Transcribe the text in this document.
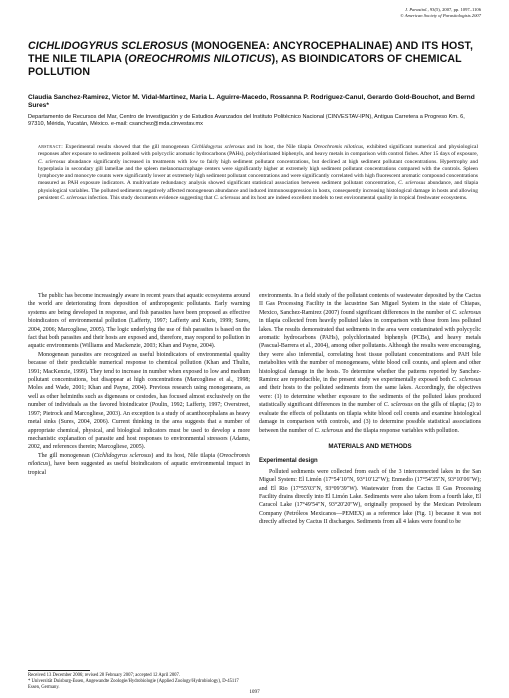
J. Parasitol., 93(5), 2007, pp. 1097–1106
© American Society of Parasitologists 2007
CICHLIDOGYRUS SCLEROSUS (MONOGENEA: ANCYROCEPHALINAE) AND ITS HOST, THE NILE TILAPIA (OREOCHROMIS NILOTICUS), AS BIOINDICATORS OF CHEMICAL POLLUTION
Claudia Sanchez-Ramirez, Victor M. Vidal-Martinez, Maria L. Aguirre-Macedo, Rossanna P. Rodriguez-Canul, Gerardo Gold-Bouchot, and Bernd Sures*
Departamento de Recursos del Mar, Centro de Investigación y de Estudios Avanzados del Instituto Politécnico Nacional (CINVESTAV-IPN), Antigua Carretera a Progreso Km. 6, 97310, Mérida, Yucatán, México. e-mail: csanchez@mda.cinvestav.mx
abstract: Experimental results showed that the gill monogenean Cichlidogyrus sclerosus and its host, the Nile tilapia Oreochromis niloticus, exhibited significant numerical and physiological responses after exposure to sediments polluted with polycyclic aromatic hydrocarbons (PAHs), polychlorinated biphenyls, and heavy metals in comparison with control fishes. After 15 days of exposure, C. sclerosus abundance significantly increased in treatments with low to fairly high sediment pollutant concentrations, but declined at high sediment pollutant concentrations. Hypertrophy and hyperplasia in secondary gill lamellae and the spleen melanomacrophage centers were significantly higher at extremely high sediment pollutant concentrations compared with the controls. Spleen lymphocyte and monocyte counts were significantly lower at extremely high sediment pollutant concentrations and were significantly correlated with high fluorescent aromatic compound concentrations measured as PAH exposure indicators. A multivariate redundancy analysis showed significant statistical association between sediment pollutant concentration, C. sclerosus abundance, and tilapia physiological variables. The polluted sediments negatively affected monogenean abundance and induced immunosuppression in hosts, consequently increasing histological damage in hosts and allowing persistent C. sclerosus infection. This study documents evidence suggesting that C. sclerosus and its host are indeed excellent models to test environmental quality in tropical freshwater ecosystems.

The public has become increasingly aware in recent years that aquatic ecosystems around the world are deteriorating from deposition of anthropogenic pollutants. Early warning systems are being developed in response, and fish parasites have been proposed as effective bioindicators of environmental pollution (Lafferty, 1997; Lafferty and Kuris, 1999; Sures, 2004, 2006; Marcogliese, 2005). The logic underlying the use of fish parasites is based on the fact that both parasites and their hosts are exposed and, therefore, may respond to pollution in aquatic environments (Williams and Mackenzie, 2003; Khan and Payne, 2004).

Monogenean parasites are recognized as useful bioindicators of environmental quality because of their predictable numerical response to chemical pollution (Khan and Thulin, 1991; MacKenzie, 1999). They tend to increase in number when exposed to low and medium pollutant concentrations, but disappear at high concentrations (Marcogliese et al., 1998; Moles and Wade, 2001; Khan and Payne, 2004). Previous research using monogeneans, as well as other helminths such as digeneans or cestodes, has focused almost exclusively on the number of individuals as the favored bioindicator (Poulin, 1992; Lafferty, 1997; Overstreet, 1997; Pietrock and Marcogliese, 2003). An exception is a study of acanthocephalans as heavy metal sinks (Sures, 2004, 2006). Current thinking in the area suggests that a number of appropriate chemical, physical, and biological indicators must be used to develop a more mechanistic explanation of parasite and host responses to environmental stressors (Adams, 2002, and references therein; Marcogliese, 2005).

The gill monogenean (Cichlidogyrus sclerosus) and its host, Nile tilapia (Oreochromis niloticus), have been suggested as useful bioindicators of aquatic environmental impact in tropical

environments. In a field study of the pollutant contents of wastewater deposited by the Cactus II Gas Processing Facility in the lacustrine San Miguel System in the state of Chiapas, Mexico, Sanchez-Ramirez (2007) found significant differences in the number of C. sclerosus in tilapia collected from heavily polluted lakes in comparison with those from less polluted lakes. The results demonstrated that sediments in the area were contaminated with polycyclic aromatic hydrocarbons (PAHs), polychlorinated biphenyls (PCBs), and heavy metals (Pascual-Barrera et al., 2004), among other pollutants. Although the results were encouraging, they were also inferential, correlating host tissue pollutant concentrations and PAH bile metabolites with the number of monogeneans, white blood cell counts, and spleen and other histological damage in the hosts. To determine whether the patterns reported by Sanchez-Ramirez are reproducible, in the present study we experimentally exposed both C. sclerosus and their hosts to the polluted sediments from the same lakes. Accordingly, the objectives were: (1) to determine whether exposure to the sediments of the polluted lakes produced statistically significant differences in the number of C. sclerosus on the gills of tilapia; (2) to evaluate the effects of pollutants on tilapia white blood cell counts and examine histological damage in comparison with controls, and (3) to determine possible statistical associations between the number of C. sclerosus and the tilapia response variables with pollution.

MATERIALS AND METHODS

Experimental design

Polluted sediments were collected from each of the 3 interconnected lakes in the San Miguel System: El Limón (17°54′10″N, 93°10′12″W); Enmedio (17°54′35″N, 93°10′06″W); and El Rio (17°55′03″N, 93°09′39″W). Wastewater from the Cactus II Gas Processing Facility drains directly into El Limón Lake. Sediments were also taken from a fourth lake, El Caracol Lake (17°49′54″N, 93°20′20″W), originally proposed by the Mexican Petroleum Company (Petróleos Mexicanos—PEMEX) as a reference lake (Fig. 1) because it was not directly affected by Cactus II discharges. Sediments from all 4 lakes were found to be

Received 13 December 2006; revised 28 February 2007; accepted 12 April 2007.

* Universität Duisburg-Essen, Angewandte Zoologie/Hydrobiologie (Applied Zoology/Hydrobiology), D-45117 Essen, Germany.

1097
